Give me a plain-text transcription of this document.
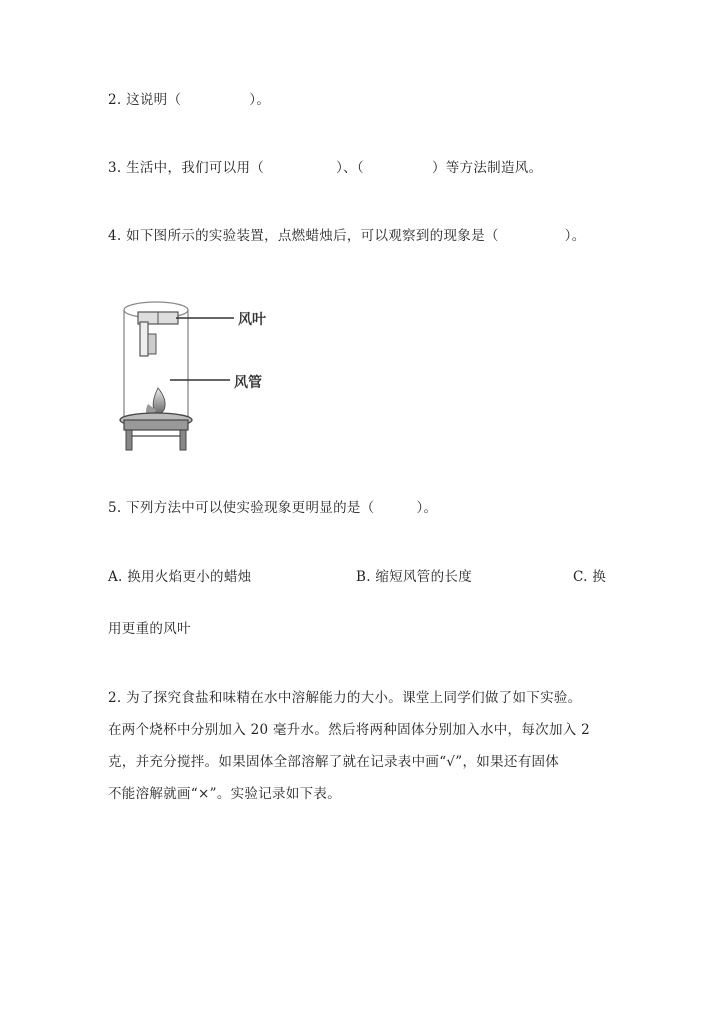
2. 这说明（	）。
3. 生活中，我们可以用（	）、（	）等方法制造风。
4. 如下图所示的实验装置，点燃蜡烛后，可以观察到的现象是（	）。
风叶
风管
5. 下列方法中可以使实验现象更明显的是（	）。
A. 换用火焰更小的蜡烛	B. 缩短风管的长度	C. 换
用更重的风叶
2. 为了探究食盐和味精在水中溶解能力的大小。课堂上同学们做了如下实验。
在两个烧杯中分别加入 20 毫升水。然后将两种固体分别加入水中，每次加入 2
克，并充分搅拌。如果固体全部溶解了就在记录表中画“√”，如果还有固体
不能溶解就画“×”。实验记录如下表。
